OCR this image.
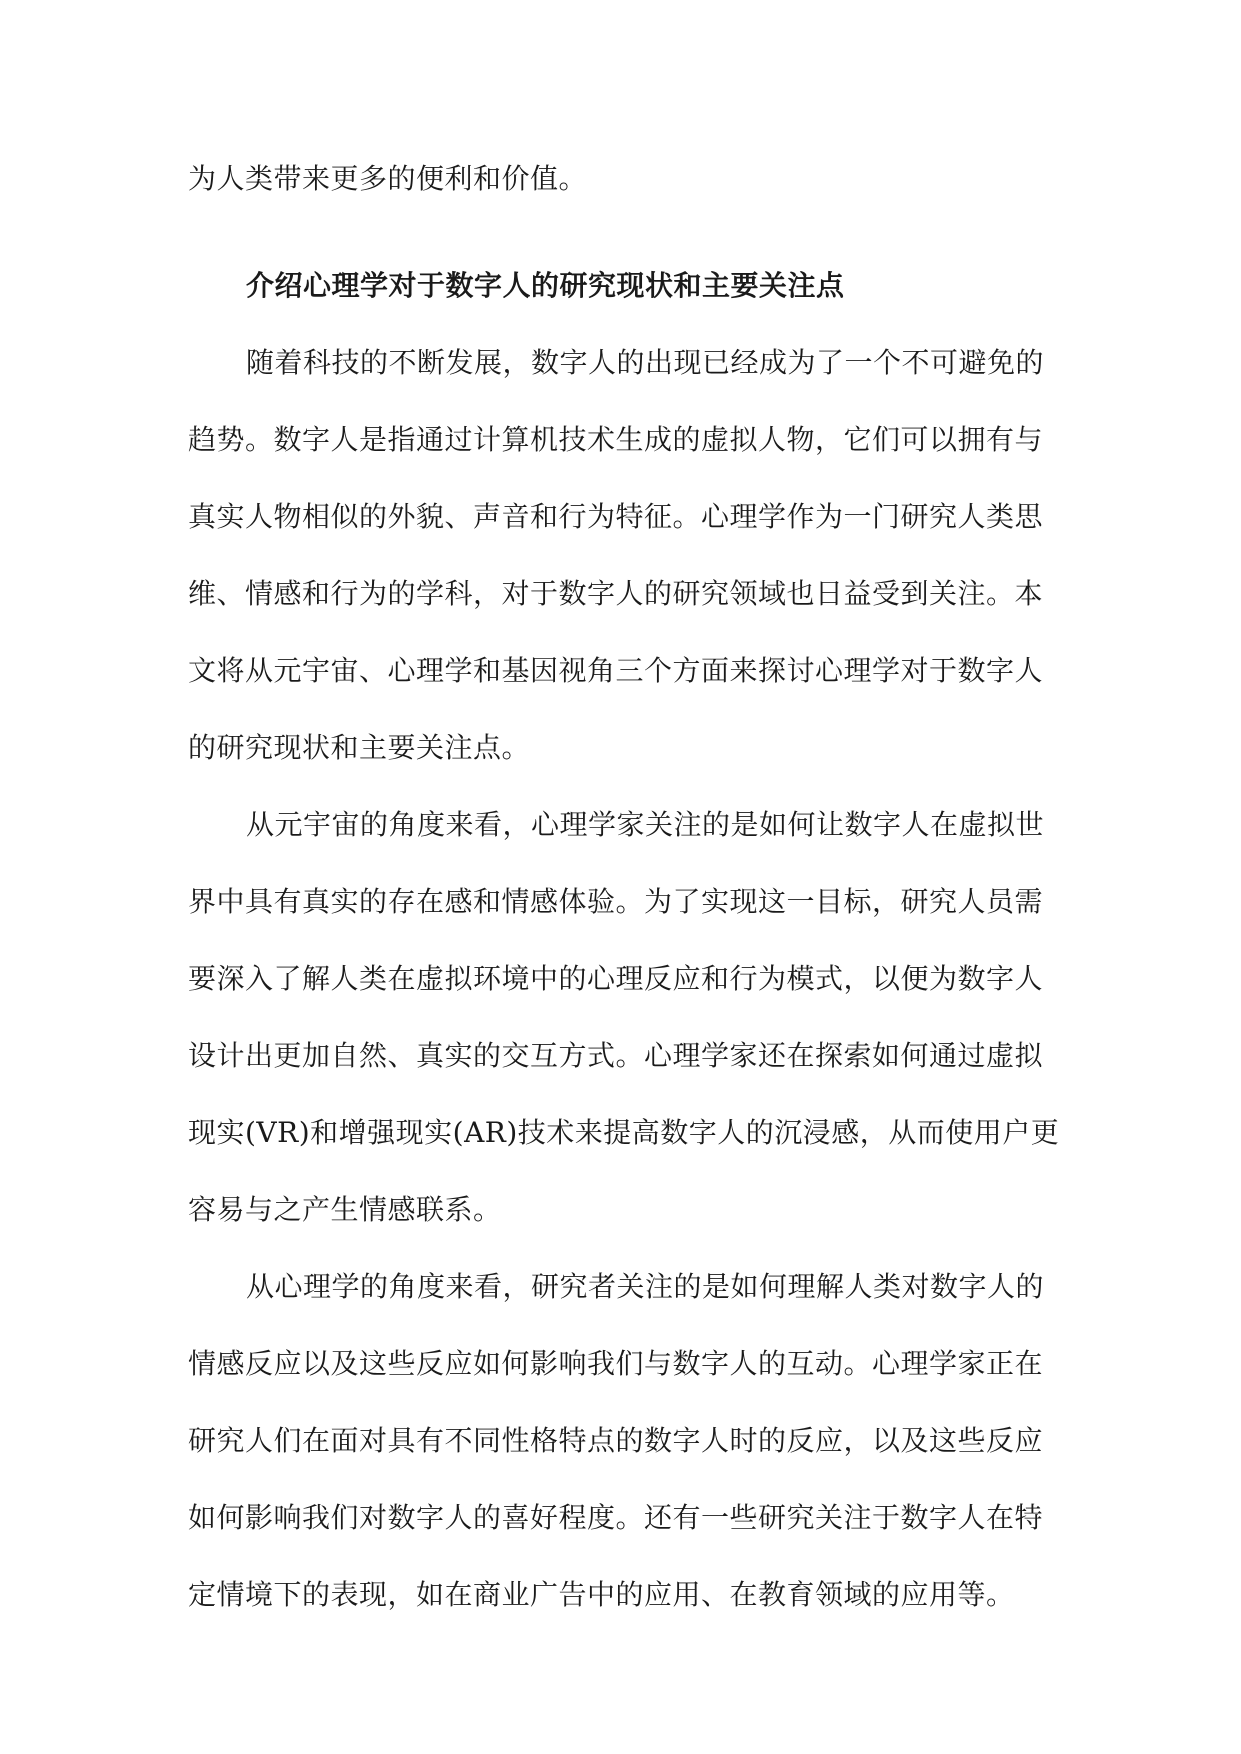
为人类带来更多的便利和价值。
介绍心理学对于数字人的研究现状和主要关注点
随着科技的不断发展，数字人的出现已经成为了一个不可避免的
趋势。数字人是指通过计算机技术生成的虚拟人物，它们可以拥有与
真实人物相似的外貌、声音和行为特征。心理学作为一门研究人类思
维、情感和行为的学科，对于数字人的研究领域也日益受到关注。本
文将从元宇宙、心理学和基因视角三个方面来探讨心理学对于数字人
的研究现状和主要关注点。
从元宇宙的角度来看，心理学家关注的是如何让数字人在虚拟世
界中具有真实的存在感和情感体验。为了实现这一目标，研究人员需
要深入了解人类在虚拟环境中的心理反应和行为模式，以便为数字人
设计出更加自然、真实的交互方式。心理学家还在探索如何通过虚拟
现实(VR)和增强现实(AR)技术来提高数字人的沉浸感，从而使用户更
容易与之产生情感联系。
从心理学的角度来看，研究者关注的是如何理解人类对数字人的
情感反应以及这些反应如何影响我们与数字人的互动。心理学家正在
研究人们在面对具有不同性格特点的数字人时的反应，以及这些反应
如何影响我们对数字人的喜好程度。还有一些研究关注于数字人在特
定情境下的表现，如在商业广告中的应用、在教育领域的应用等。
